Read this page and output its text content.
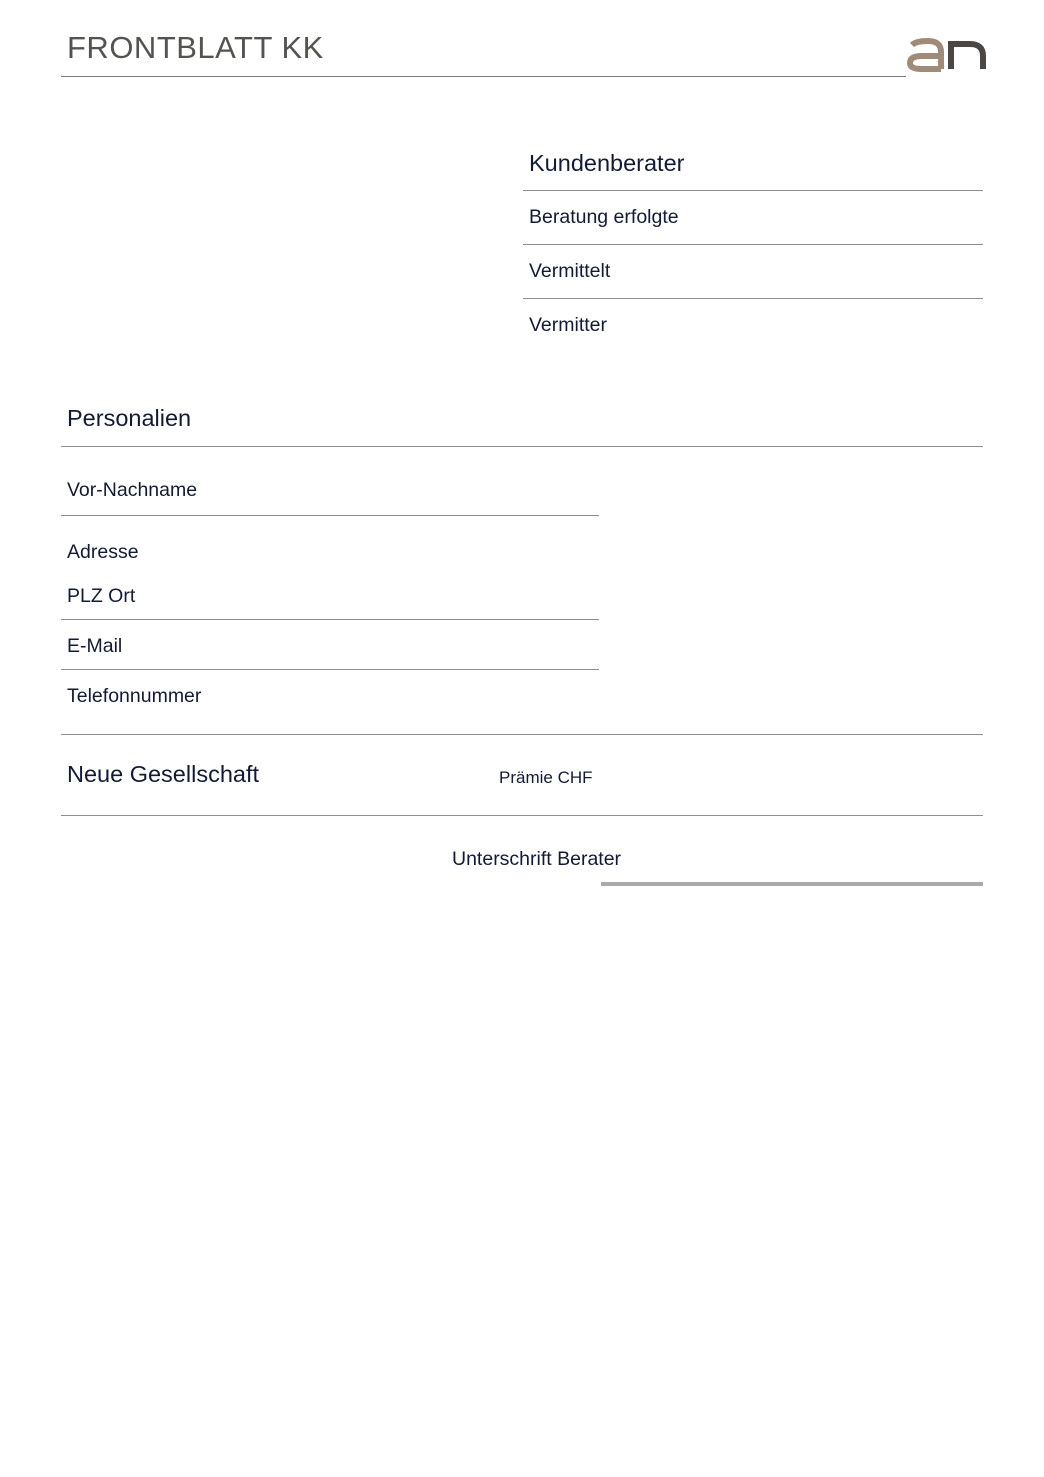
FRONTBLATT KK
Kundenberater
Beratung erfolgte
Vermittelt
Vermitter
Personalien
Vor-Nachname
Adresse
PLZ Ort
E-Mail
Telefonnummer
Neue Gesellschaft	Prämie CHF
Unterschrift Berater
